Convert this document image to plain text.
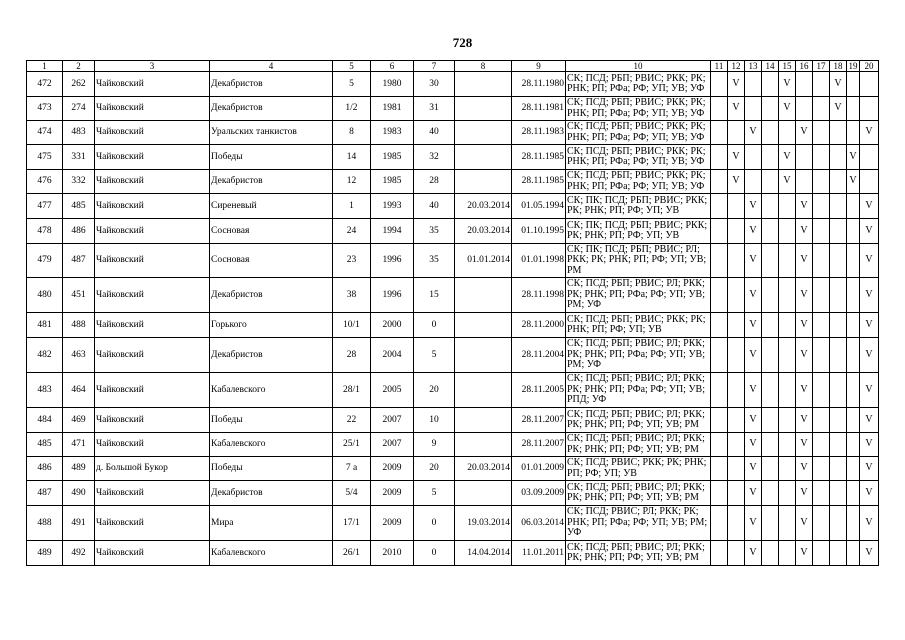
728
1	2	3	4	5	6	7	8	9	10	11	12	13	14	15	16	17	18	19	20
472	262	Чайковский	Декабристов	5	1980	30		28.11.1980	СК; ПСД; РБП; РВИС; РКК; РК; РНК; РП; РФа; РФ; УП; УВ; УФ		V			V			V		
473	274	Чайковский	Декабристов	1/2	1981	31		28.11.1981	СК; ПСД; РБП; РВИС; РКК; РК; РНК; РП; РФа; РФ; УП; УВ; УФ		V			V			V		
474	483	Чайковский	Уральских танкистов	8	1983	40		28.11.1983	СК; ПСД; РБП; РВИС; РКК; РК; РНК; РП; РФа; РФ; УП; УВ; УФ			V			V				V
475	331	Чайковский	Победы	14	1985	32		28.11.1985	СК; ПСД; РБП; РВИС; РКК; РК; РНК; РП; РФа; РФ; УП; УВ; УФ		V			V				V	
476	332	Чайковский	Декабристов	12	1985	28		28.11.1985	СК; ПСД; РБП; РВИС; РКК; РК; РНК; РП; РФа; РФ; УП; УВ; УФ		V			V				V	
477	485	Чайковский	Сиреневый	1	1993	40	20.03.2014	01.05.1994	СК; ПК; ПСД; РБП; РВИС; РКК; РК; РНК; РП; РФ; УП; УВ			V			V				V
478	486	Чайковский	Сосновая	24	1994	35	20.03.2014	01.10.1995	СК; ПК; ПСД; РБП; РВИС; РКК; РК; РНК; РП; РФ; УП; УВ			V			V				V
479	487	Чайковский	Сосновая	23	1996	35	01.01.2014	01.01.1998	СК; ПК; ПСД; РБП; РВИС; РЛ; РКК; РК; РНК; РП; РФ; УП; УВ; РМ			V			V				V
480	451	Чайковский	Декабристов	38	1996	15		28.11.1998	СК; ПСД; РБП; РВИС; РЛ; РКК; РК; РНК; РП; РФа; РФ; УП; УВ; РМ; УФ			V			V				V
481	488	Чайковский	Горького	10/1	2000	0		28.11.2000	СК; ПСД; РБП; РВИС; РКК; РК; РНК; РП; РФ; УП; УВ			V			V				V
482	463	Чайковский	Декабристов	28	2004	5		28.11.2004	СК; ПСД; РБП; РВИС; РЛ; РКК; РК; РНК; РП; РФа; РФ; УП; УВ; РМ; УФ			V			V				V
483	464	Чайковский	Кабалевского	28/1	2005	20		28.11.2005	СК; ПСД; РБП; РВИС; РЛ; РКК; РК; РНК; РП; РФа; РФ; УП; УВ; РПД; УФ			V			V				V
484	469	Чайковский	Победы	22	2007	10		28.11.2007	СК; ПСД; РБП; РВИС; РЛ; РКК; РК; РНК; РП; РФ; УП; УВ; РМ			V			V				V
485	471	Чайковский	Кабалевского	25/1	2007	9		28.11.2007	СК; ПСД; РБП; РВИС; РЛ; РКК; РК; РНК; РП; РФ; УП; УВ; РМ			V			V				V
486	489	д. Большой Букор	Победы	7 а	2009	20	20.03.2014	01.01.2009	СК; ПСД; РВИС; РКК; РК; РНК; РП; РФ; УП; УВ			V			V				V
487	490	Чайковский	Декабристов	5/4	2009	5		03.09.2009	СК; ПСД; РБП; РВИС; РЛ; РКК; РК; РНК; РП; РФ; УП; УВ; РМ			V			V				V
488	491	Чайковский	Мира	17/1	2009	0	19.03.2014	06.03.2014	СК; ПСД; РВИС; РЛ; РКК; РК; РНК; РП; РФа; РФ; УП; УВ; РМ; УФ			V			V				V
489	492	Чайковский	Кабалевского	26/1	2010	0	14.04.2014	11.01.2011	СК; ПСД; РБП; РВИС; РЛ; РКК; РК; РНК; РП; РФ; УП; УВ; РМ			V			V				V
